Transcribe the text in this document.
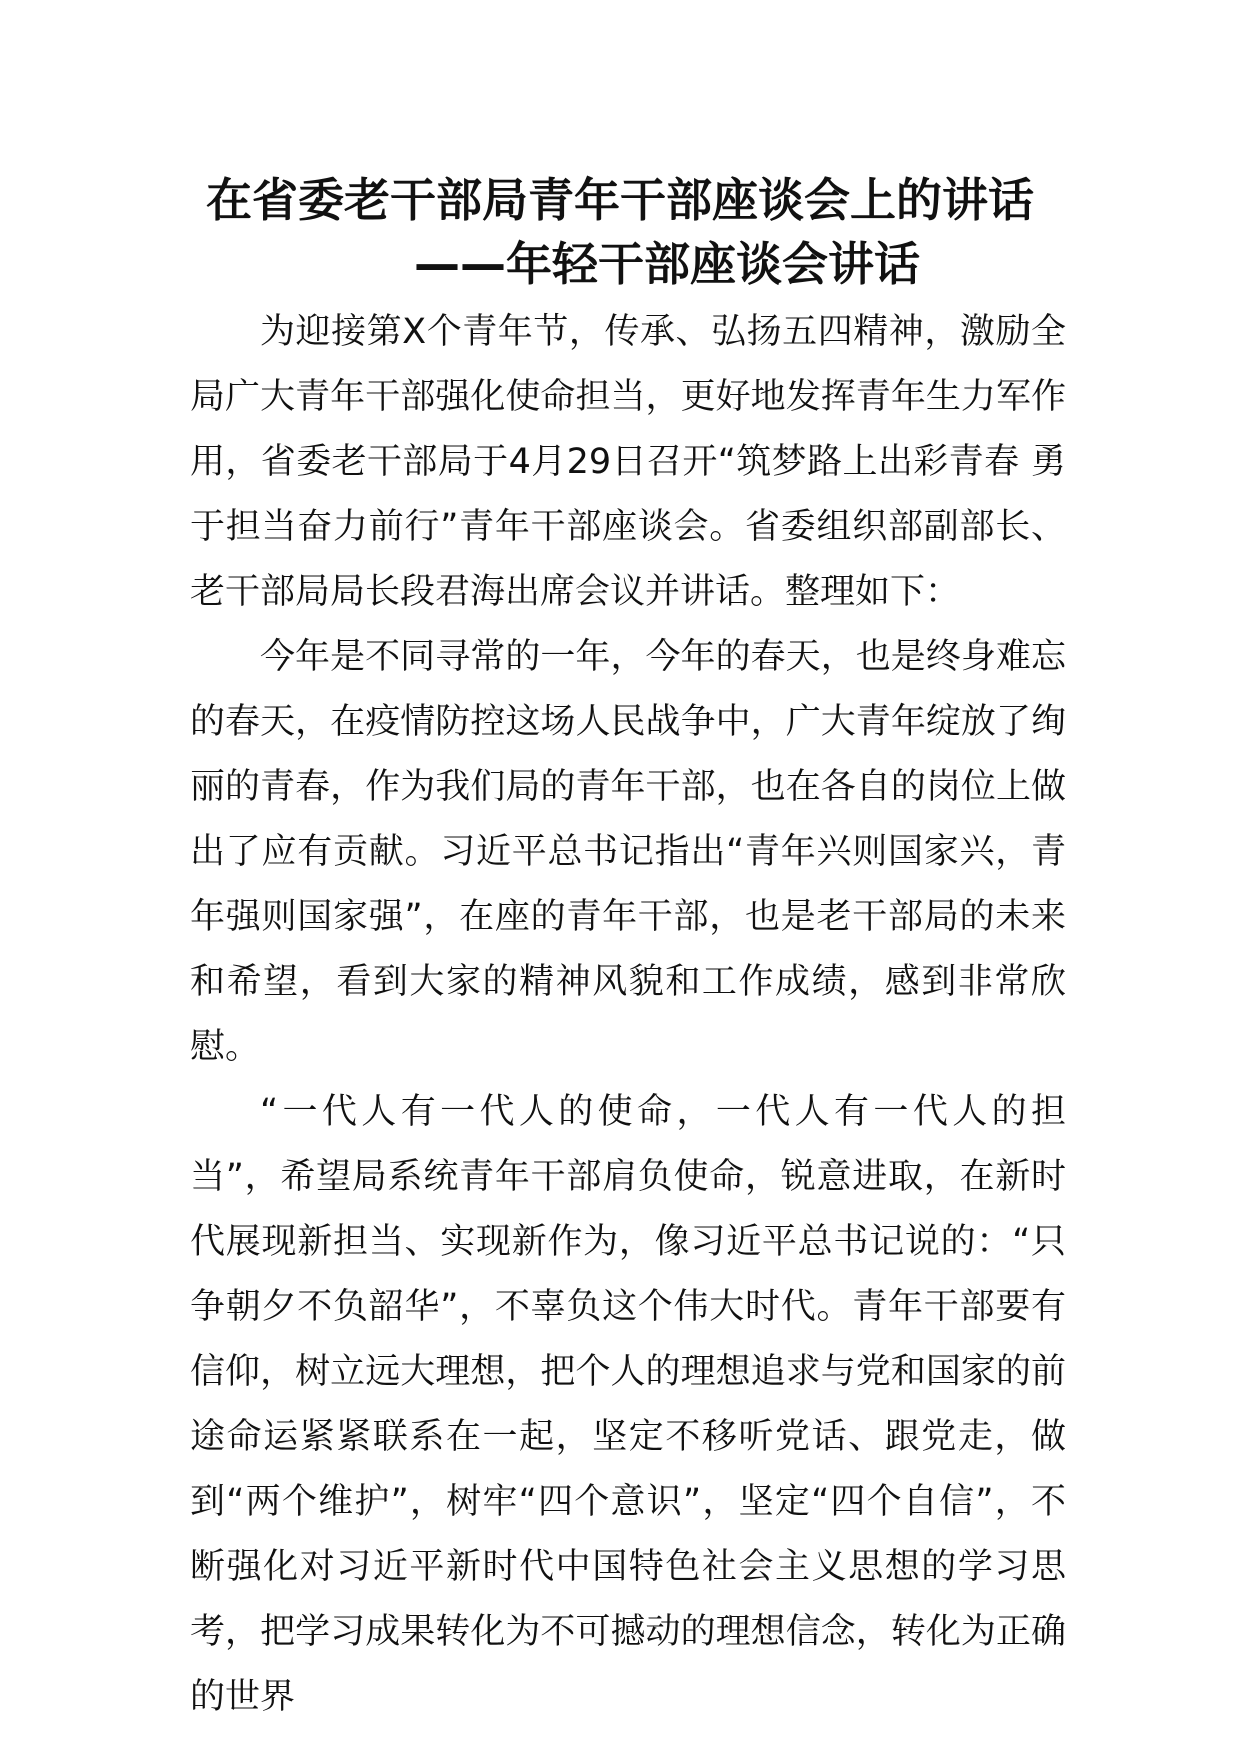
在省委老干部局青年干部座谈会上的讲话
——年轻干部座谈会讲话

为迎接第X个青年节，传承、弘扬五四精神，激励全局广大青年干部强化使命担当，更好地发挥青年生力军作用，省委老干部局于4月29日召开“筑梦路上出彩青春 勇于担当奋力前行”青年干部座谈会。省委组织部副部长、老干部局局长段君海出席会议并讲话。整理如下：

今年是不同寻常的一年，今年的春天，也是终身难忘的春天，在疫情防控这场人民战争中，广大青年绽放了绚丽的青春，作为我们局的青年干部，也在各自的岗位上做出了应有贡献。习近平总书记指出“青年兴则国家兴，青年强则国家强”，在座的青年干部，也是老干部局的未来和希望，看到大家的精神风貌和工作成绩，感到非常欣慰。

“一代人有一代人的使命，一代人有一代人的担当”，希望局系统青年干部肩负使命，锐意进取，在新时代展现新担当、实现新作为，像习近平总书记说的：“只争朝夕不负韶华”，不辜负这个伟大时代。青年干部要有信仰，树立远大理想，把个人的理想追求与党和国家的前途命运紧紧联系在一起，坚定不移听党话、跟党走，做到“两个维护”，树牢“四个意识”，坚定“四个自信”，不断强化对习近平新时代中国特色社会主义思想的学习思考，把学习成果转化为不可撼动的理想信念，转化为正确的世界
